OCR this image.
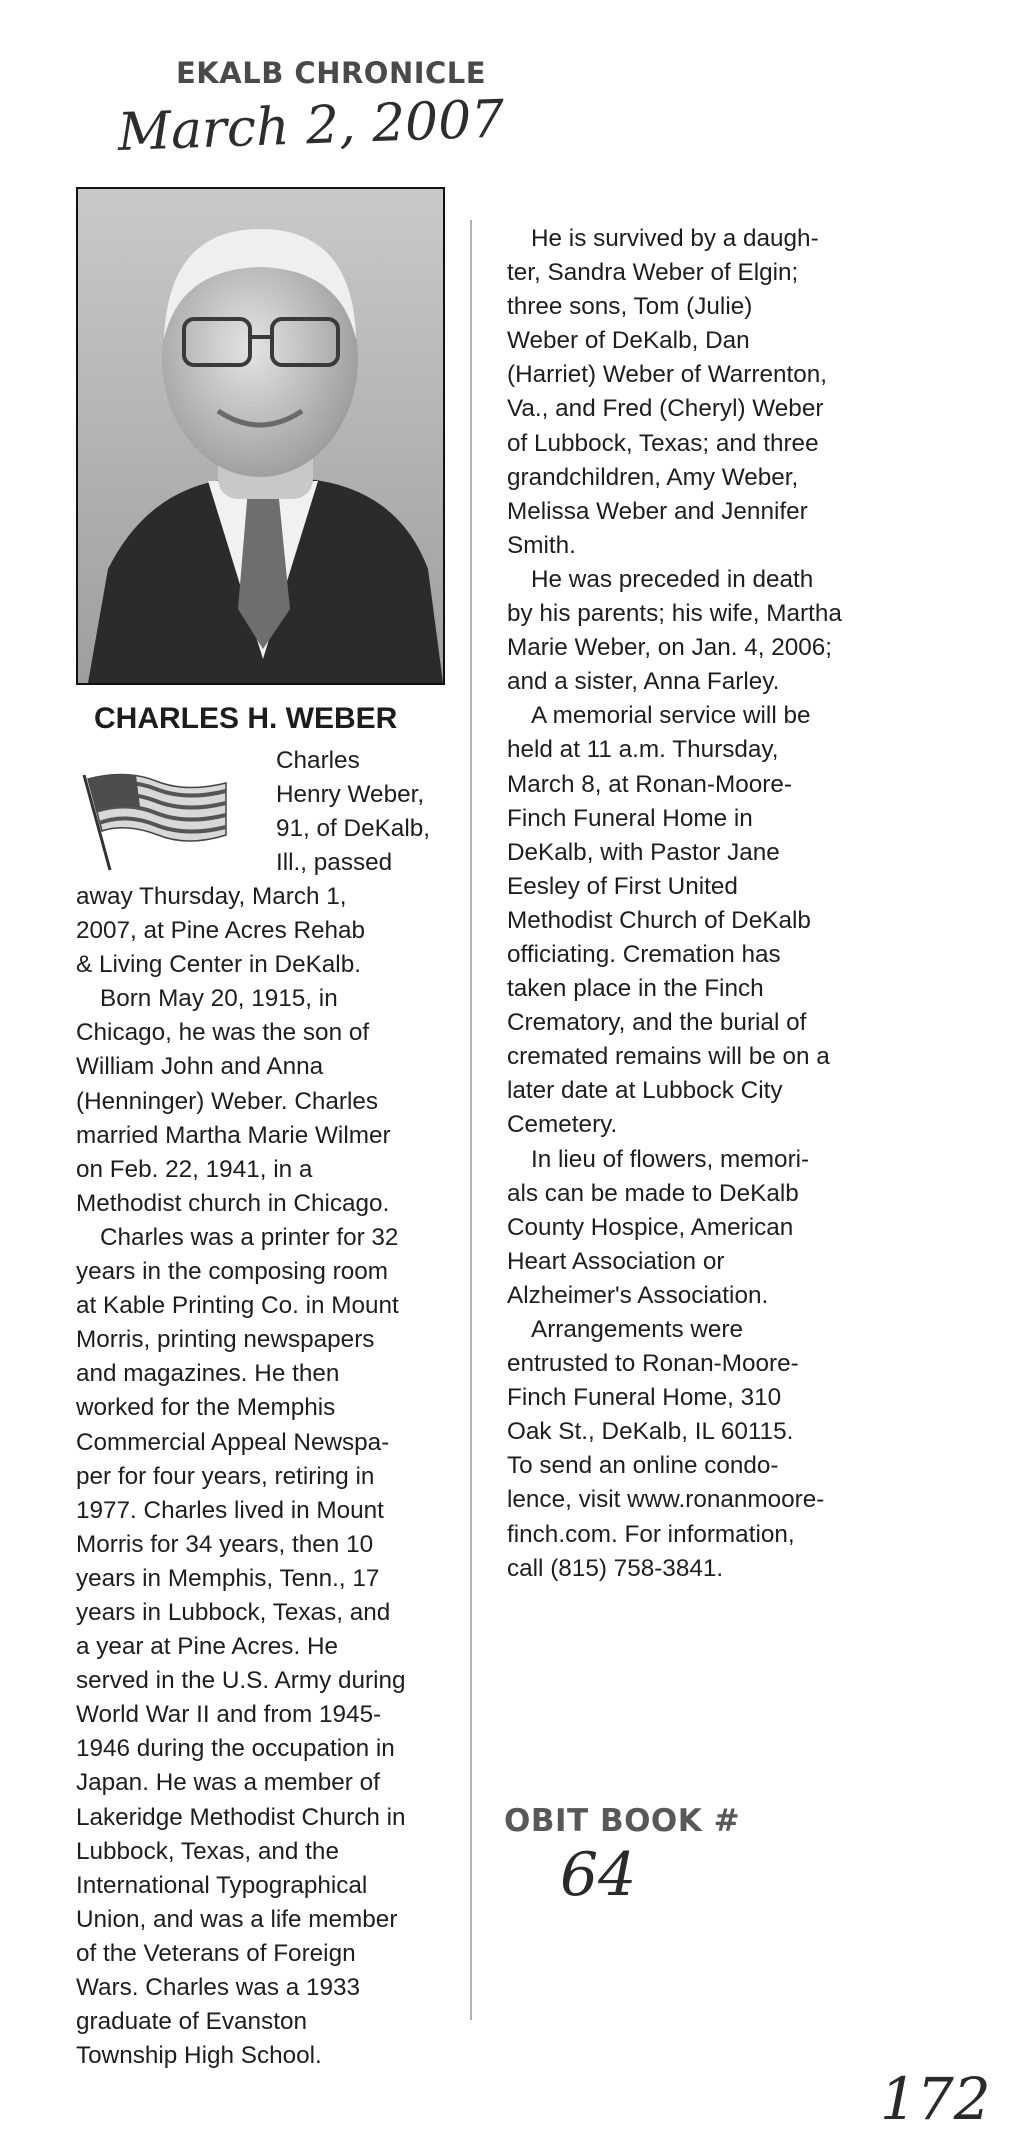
EKALB CHRONICLE
March 2, 2007
CHARLES H. WEBER
Charles
Henry Weber,
91, of DeKalb,
Ill., passed
away Thursday, March 1,
2007, at Pine Acres Rehab
& Living Center in DeKalb.
Born May 20, 1915, in
Chicago, he was the son of
William John and Anna
(Henninger) Weber. Charles
married Martha Marie Wilmer
on Feb. 22, 1941, in a
Methodist church in Chicago.
Charles was a printer for 32
years in the composing room
at Kable Printing Co. in Mount
Morris, printing newspapers
and magazines. He then
worked for the Memphis
Commercial Appeal Newspa-
per for four years, retiring in
1977. Charles lived in Mount
Morris for 34 years, then 10
years in Memphis, Tenn., 17
years in Lubbock, Texas, and
a year at Pine Acres. He
served in the U.S. Army during
World War II and from 1945-
1946 during the occupation in
Japan. He was a member of
Lakeridge Methodist Church in
Lubbock, Texas, and the
International Typographical
Union, and was a life member
of the Veterans of Foreign
Wars. Charles was a 1933
graduate of Evanston
Township High School.
He is survived by a daugh-
ter, Sandra Weber of Elgin;
three sons, Tom (Julie)
Weber of DeKalb, Dan
(Harriet) Weber of Warrenton,
Va., and Fred (Cheryl) Weber
of Lubbock, Texas; and three
grandchildren, Amy Weber,
Melissa Weber and Jennifer
Smith.
He was preceded in death
by his parents; his wife, Martha
Marie Weber, on Jan. 4, 2006;
and a sister, Anna Farley.
A memorial service will be
held at 11 a.m. Thursday,
March 8, at Ronan-Moore-
Finch Funeral Home in
DeKalb, with Pastor Jane
Eesley of First United
Methodist Church of DeKalb
officiating. Cremation has
taken place in the Finch
Crematory, and the burial of
cremated remains will be on a
later date at Lubbock City
Cemetery.
In lieu of flowers, memori-
als can be made to DeKalb
County Hospice, American
Heart Association or
Alzheimer's Association.
Arrangements were
entrusted to Ronan-Moore-
Finch Funeral Home, 310
Oak St., DeKalb, IL 60115.
To send an online condo-
lence, visit www.ronanmoore-
finch.com. For information,
call (815) 758-3841.
OBIT BOOK #
64
172
